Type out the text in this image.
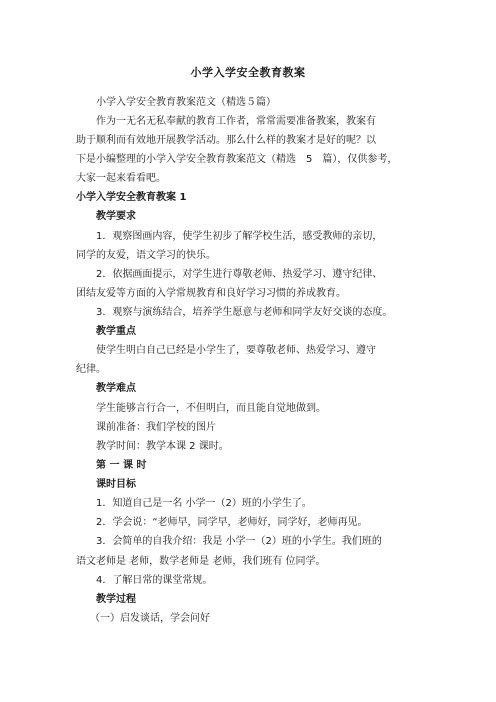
小学入学安全教育教案
小学入学安全教育教案范文（精选５篇）
作为一无名无私奉献的教育工作者，常常需要准备教案，教案有
助于顺利而有效地开展教学活动。那么什么样的教案才是好的呢？以
下是小编整理的小学入学安全教育教案范文（精选　5　篇），仅供参考，
大家一起来看看吧。
小学入学安全教育教案 1
教学要求
1．观察图画内容，使学生初步了解学校生活，感受教师的亲切，
同学的友爱，语文学习的快乐。
2．依据画面提示，对学生进行尊敬老师、热爱学习、遵守纪律、
团结友爱等方面的入学常规教育和良好学习习惯的养成教育。
3．观察与演练结合，培养学生愿意与老师和同学友好交谈的态度。
教学重点
使学生明白自己已经是小学生了，要尊敬老师、热爱学习、遵守
纪律。
教学难点
学生能够言行合一，不但明白，而且能自觉地做到。
课前准备：我们学校的图片
教学时间：教学本课 2 课时。
第 一 课 时
课时目标
1．知道自己是一名 小学一（2）班的小学生了。
2．学会说：“老师早，同学早，老师好，同学好，老师再见。
3．会简单的自我介绍：我是 小学一（2）班的小学生。我们班的
语文老师是 老师，数学老师是 老师，我们班有 位同学。
4．了解日常的课堂常规。
教学过程
（一）启发谈话，学会问好
